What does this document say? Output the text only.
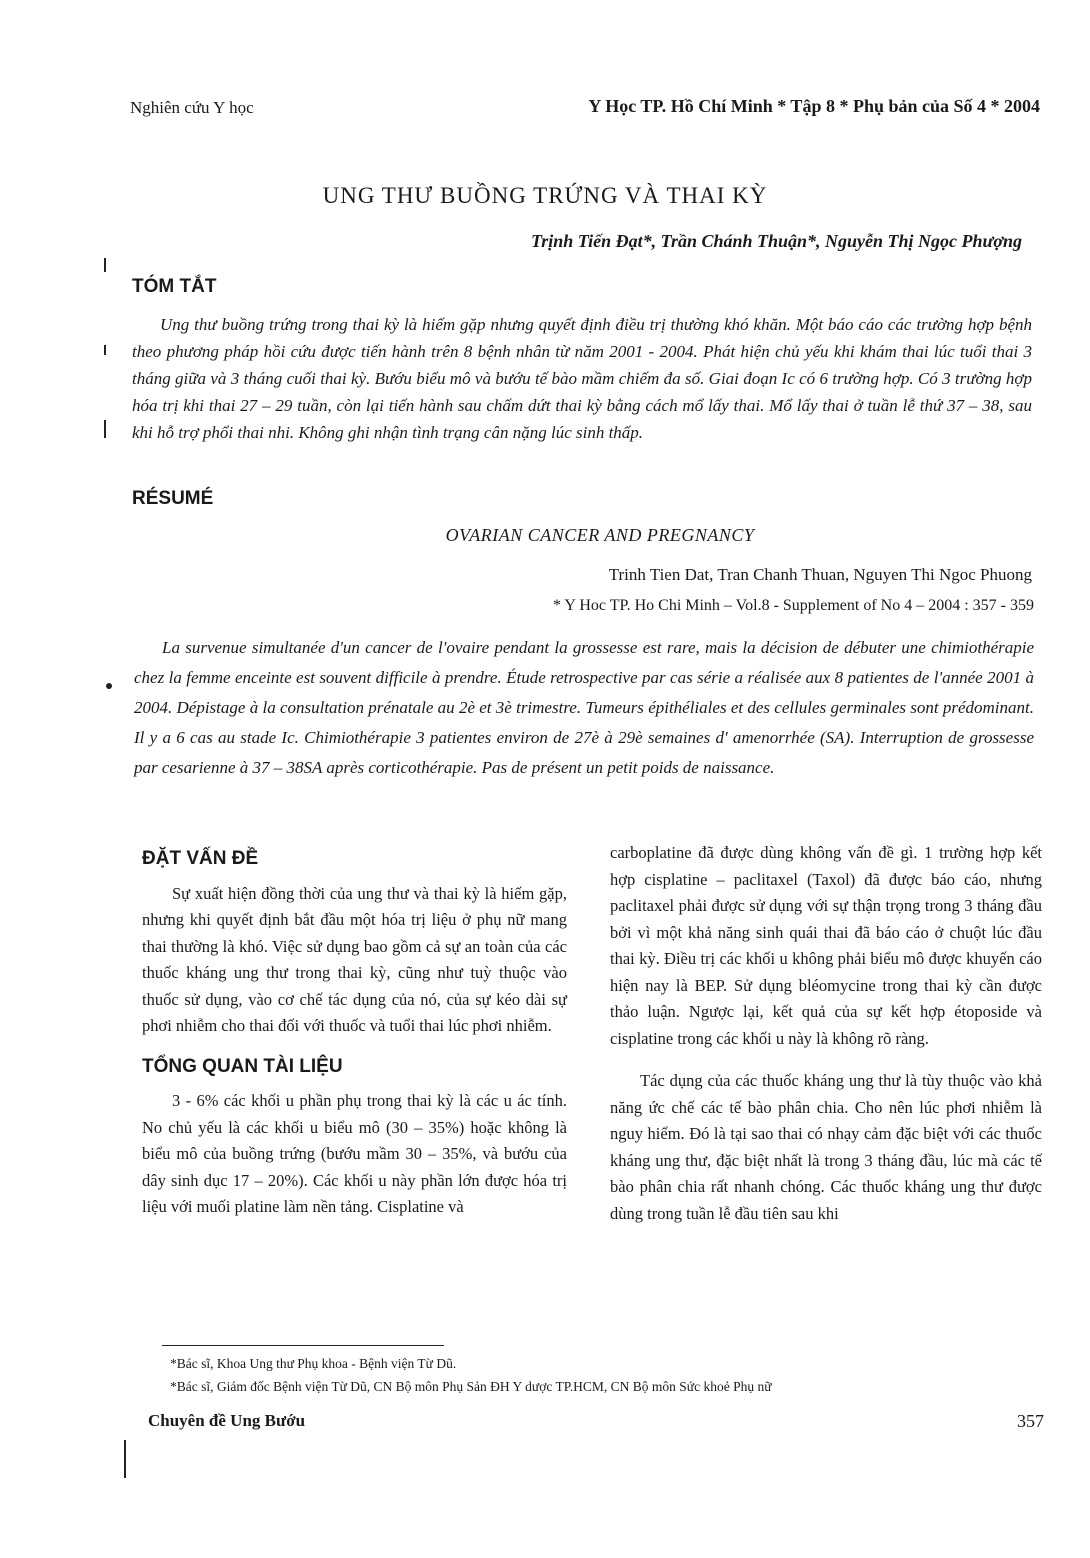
Nghiên cứu Y học	Y Học TP. Hồ Chí Minh * Tập 8 * Phụ bản của Số 4 * 2004
UNG THƯ BUỒNG TRỨNG VÀ THAI KỲ
Trịnh Tiến Đạt*, Trần Chánh Thuận*, Nguyễn Thị Ngọc Phượng
TÓM TẮT
Ung thư buồng trứng trong thai kỳ là hiếm gặp nhưng quyết định điều trị thường khó khăn. Một báo cáo các trường hợp bệnh theo phương pháp hồi cứu được tiến hành trên 8 bệnh nhân từ năm 2001 - 2004. Phát hiện chủ yếu khi khám thai lúc tuổi thai 3 tháng giữa và 3 tháng cuối thai kỳ. Bướu biểu mô và bướu tế bào mầm chiếm đa số. Giai đoạn Ic có 6 trường hợp. Có 3 trường hợp hóa trị khi thai 27 – 29 tuần, còn lại tiến hành sau chấm dứt thai kỳ bằng cách mổ lấy thai. Mổ lấy thai ở tuần lễ thứ 37 – 38, sau khi hỗ trợ phổi thai nhi. Không ghi nhận tình trạng cân nặng lúc sinh thấp.
RÉSUMÉ
OVARIAN CANCER AND PREGNANCY
Trinh Tien Dat, Tran Chanh Thuan, Nguyen Thi Ngoc Phuong
* Y Hoc TP. Ho Chi Minh – Vol.8 - Supplement of No 4 – 2004 : 357 - 359
La survenue simultanée d'un cancer de l'ovaire pendant la grossesse est rare, mais la décision de débuter une chimiothérapie chez la femme enceinte est souvent difficile à prendre. Étude retrospective par cas série a réalisée aux 8 patientes de l'année 2001 à 2004. Dépistage à la consultation prénatale au 2è et 3è trimestre. Tumeurs épithéliales et des cellules germinales sont prédominant. Il y a 6 cas au stade Ic. Chimiothérapie 3 patientes environ de 27è à 29è semaines d' amenorrhée (SA). Interruption de grossesse par cesarienne à 37 – 38SA après corticothérapie. Pas de présent un petit poids de naissance.
ĐẶT VẤN ĐỀ

Sự xuất hiện đồng thời của ung thư và thai kỳ là hiếm gặp, nhưng khi quyết định bắt đầu một hóa trị liệu ở phụ nữ mang thai thường là khó. Việc sử dụng bao gồm cả sự an toàn của các thuốc kháng ung thư trong thai kỳ, cũng như tuỳ thuộc vào thuốc sử dụng, vào cơ chế tác dụng của nó, của sự kéo dài sự phơi nhiễm cho thai đối với thuốc và tuổi thai lúc phơi nhiễm.

TỔNG QUAN TÀI LIỆU

3 - 6% các khối u phần phụ trong thai kỳ là các u ác tính. No chủ yếu là các khối u biểu mô (30 – 35%) hoặc không là biểu mô của buồng trứng (bướu mầm 30 – 35%, và bướu của dây sinh dục 17 – 20%). Các khối u này phần lớn được hóa trị liệu với muối platine làm nền tảng. Cisplatine và

carboplatine đã được dùng không vấn đề gì. 1 trường hợp kết hợp cisplatine – paclitaxel (Taxol) đã được báo cáo, nhưng paclitaxel phải được sử dụng với sự thận trọng trong 3 tháng đầu bởi vì một khả năng sinh quái thai đã báo cáo ở chuột lúc đầu thai kỳ. Điều trị các khối u không phải biểu mô được khuyến cáo hiện nay là BEP. Sử dụng bléomycine trong thai kỳ cần được thảo luận. Ngược lại, kết quả của sự kết hợp étoposide và cisplatine trong các khối u này là không rõ ràng.

Tác dụng của các thuốc kháng ung thư là tùy thuộc vào khả năng ức chế các tế bào phân chia. Cho nên lúc phơi nhiễm là nguy hiểm. Đó là tại sao thai có nhạy cảm đặc biệt với các thuốc kháng ung thư, đặc biệt nhất là trong 3 tháng đầu, lúc mà các tế bào phân chia rất nhanh chóng. Các thuốc kháng ung thư được dùng trong tuần lễ đầu tiên sau khi

*Bác sĩ, Khoa Ung thư Phụ khoa - Bệnh viện Từ Dũ.
*Bác sĩ, Giám đốc Bệnh viện Từ Dũ, CN Bộ môn Phụ Sản ĐH Y dược TP.HCM, CN Bộ môn Sức khoẻ Phụ nữ
Chuyên đề Ung Bướu	357
